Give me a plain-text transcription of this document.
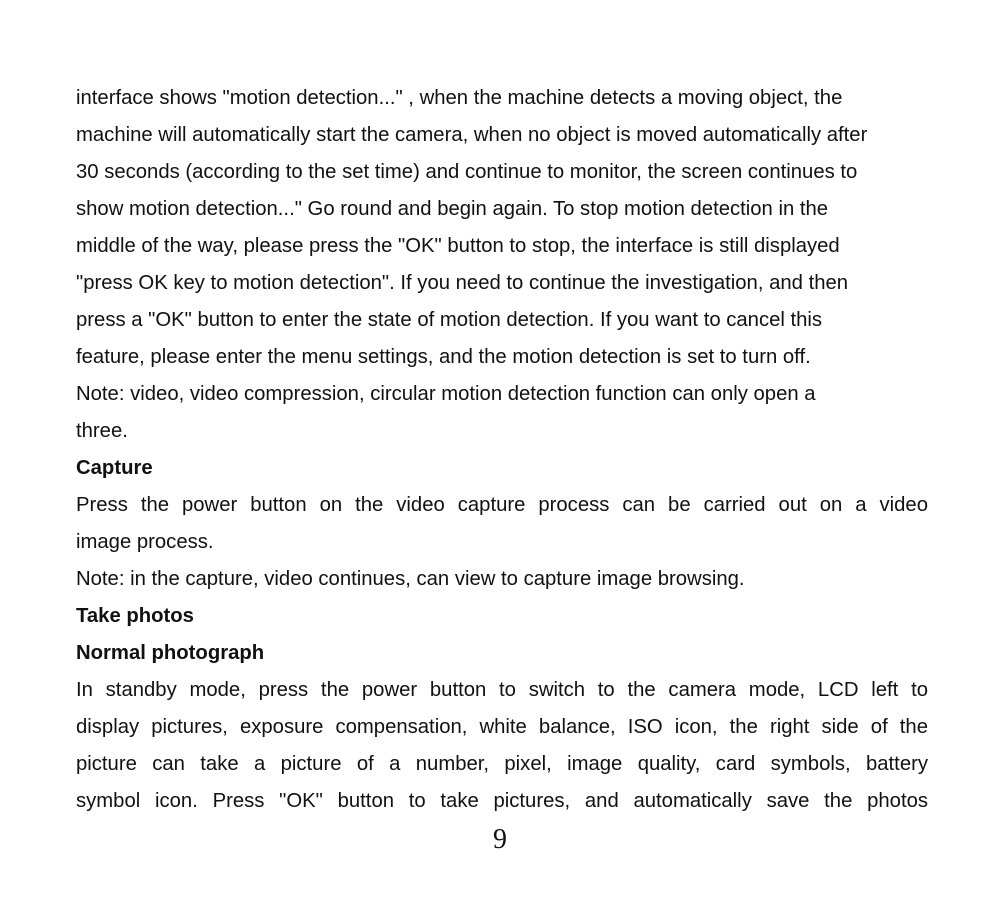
interface shows "motion detection..." , when the machine detects a moving object, the
machine will automatically start the camera, when no object is moved automatically after
30 seconds (according to the set time) and continue to monitor, the screen continues to
show motion detection..." Go round and begin again. To stop motion detection in the
middle of the way, please press the "OK" button to stop, the interface is still displayed
"press OK key to motion detection". If you need to continue the investigation, and then
press a "OK" button to enter the state of motion detection. If you want to cancel this
feature, please enter the menu settings, and the motion detection is set to turn off.
Note: video, video compression, circular motion detection function can only open a
three.

Capture

Press the power button on the video capture process can be carried out on a video
image process.

Note: in the capture, video continues, can view to capture image browsing.

Take photos

Normal photograph

In standby mode, press the power button to switch to the camera mode, LCD left to
display pictures, exposure compensation, white balance, ISO icon, the right side of the
picture can take a picture of a number, pixel, image quality, card symbols, battery
symbol icon. Press "OK" button to take pictures, and automatically save the photos
9
